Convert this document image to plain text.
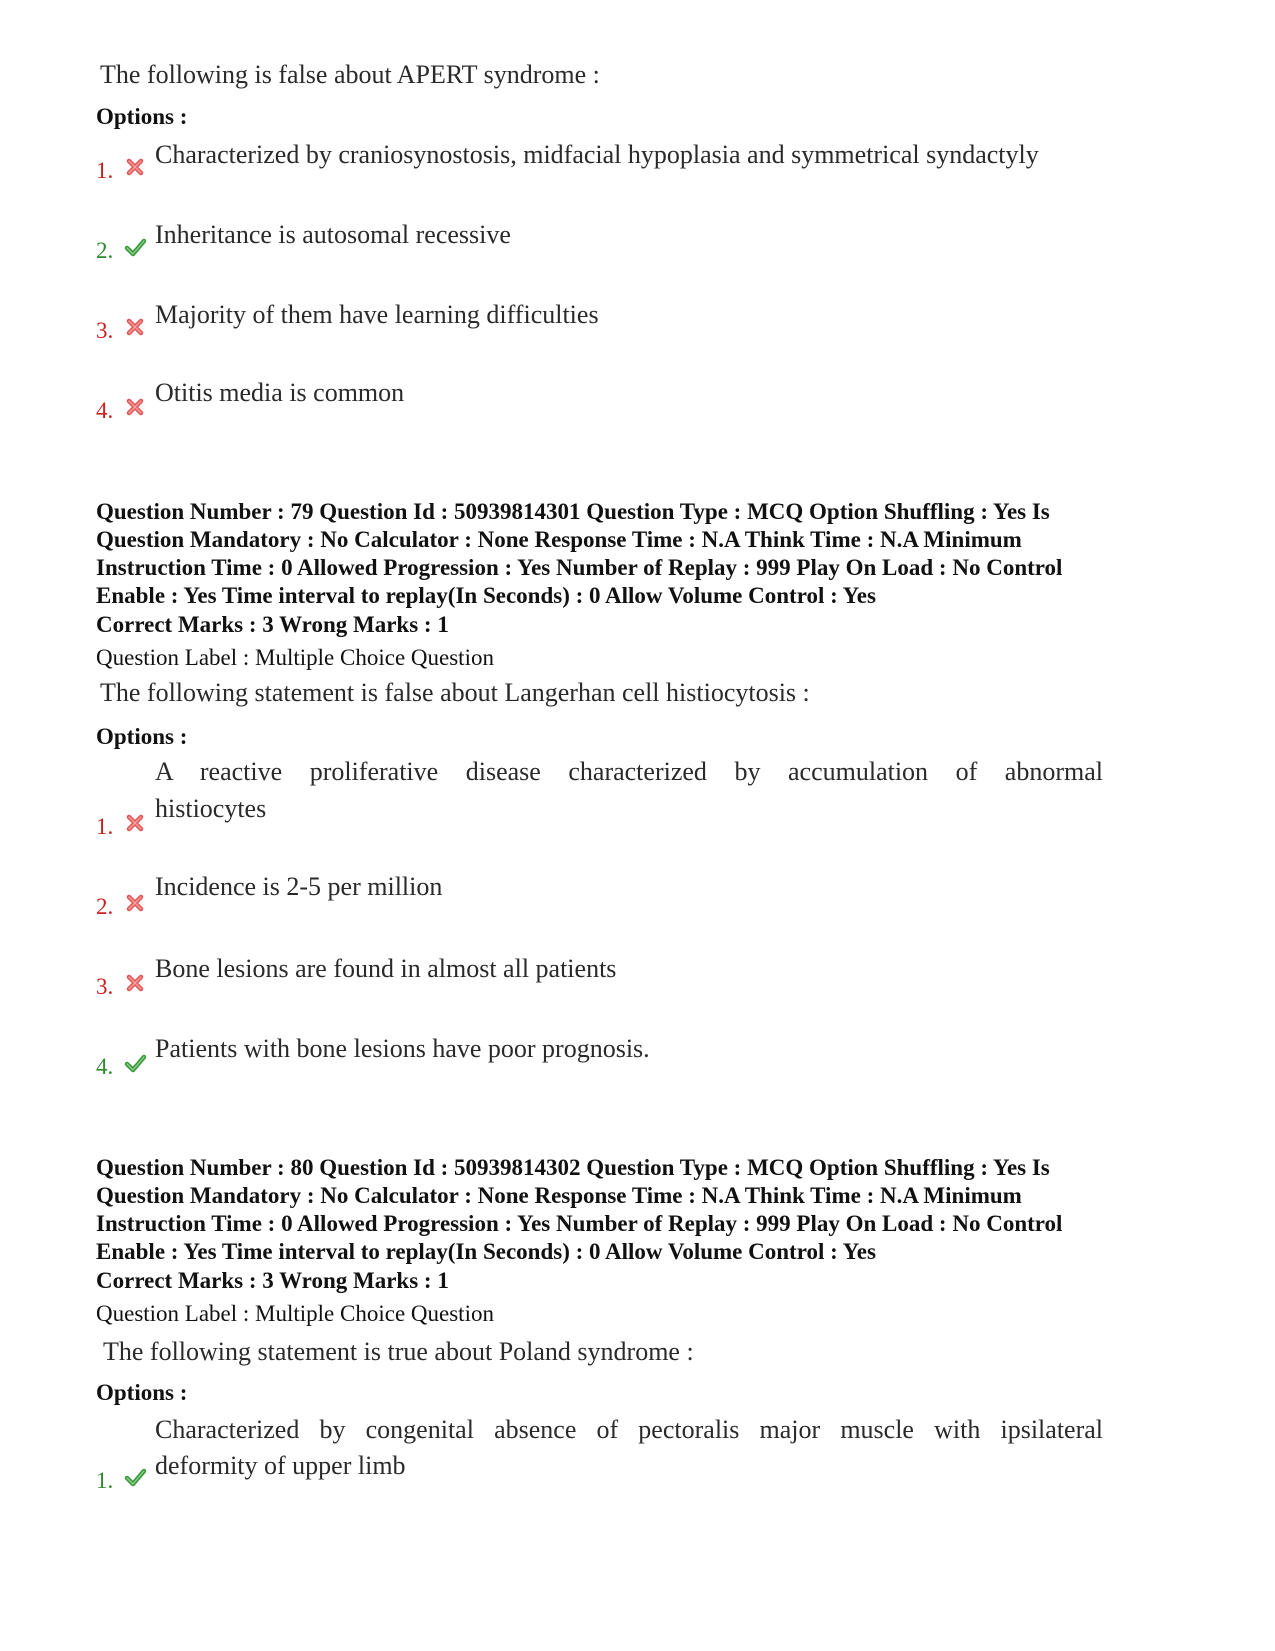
The following is false about APERT syndrome :
Options :
1.
Characterized by craniosynostosis, midfacial hypoplasia and symmetrical syndactyly
2.
Inheritance is autosomal recessive
3.
Majority of them have learning difficulties
4.
Otitis media is common
Question Number : 79 Question Id : 50939814301 Question Type : MCQ Option Shuffling : Yes Is
Question Mandatory : No Calculator : None Response Time : N.A Think Time : N.A Minimum
Instruction Time : 0 Allowed Progression : Yes Number of Replay : 999 Play On Load : No Control
Enable : Yes Time interval to replay(In Seconds) : 0 Allow Volume Control : Yes
Correct Marks : 3 Wrong Marks : 1
Question Label : Multiple Choice Question
The following statement is false about Langerhan cell histiocytosis :
Options :
A reactive proliferative disease characterized by accumulation of abnormal
histiocytes
1.
2.
Incidence is 2-5 per million
3.
Bone lesions are found in almost all patients
4.
Patients with bone lesions have poor prognosis.
Question Number : 80 Question Id : 50939814302 Question Type : MCQ Option Shuffling : Yes Is
Question Mandatory : No Calculator : None Response Time : N.A Think Time : N.A Minimum
Instruction Time : 0 Allowed Progression : Yes Number of Replay : 999 Play On Load : No Control
Enable : Yes Time interval to replay(In Seconds) : 0 Allow Volume Control : Yes
Correct Marks : 3 Wrong Marks : 1
Question Label : Multiple Choice Question
The following statement is true about Poland syndrome :
Options :
Characterized by congenital absence of pectoralis major muscle with ipsilateral
deformity of upper limb
1.
